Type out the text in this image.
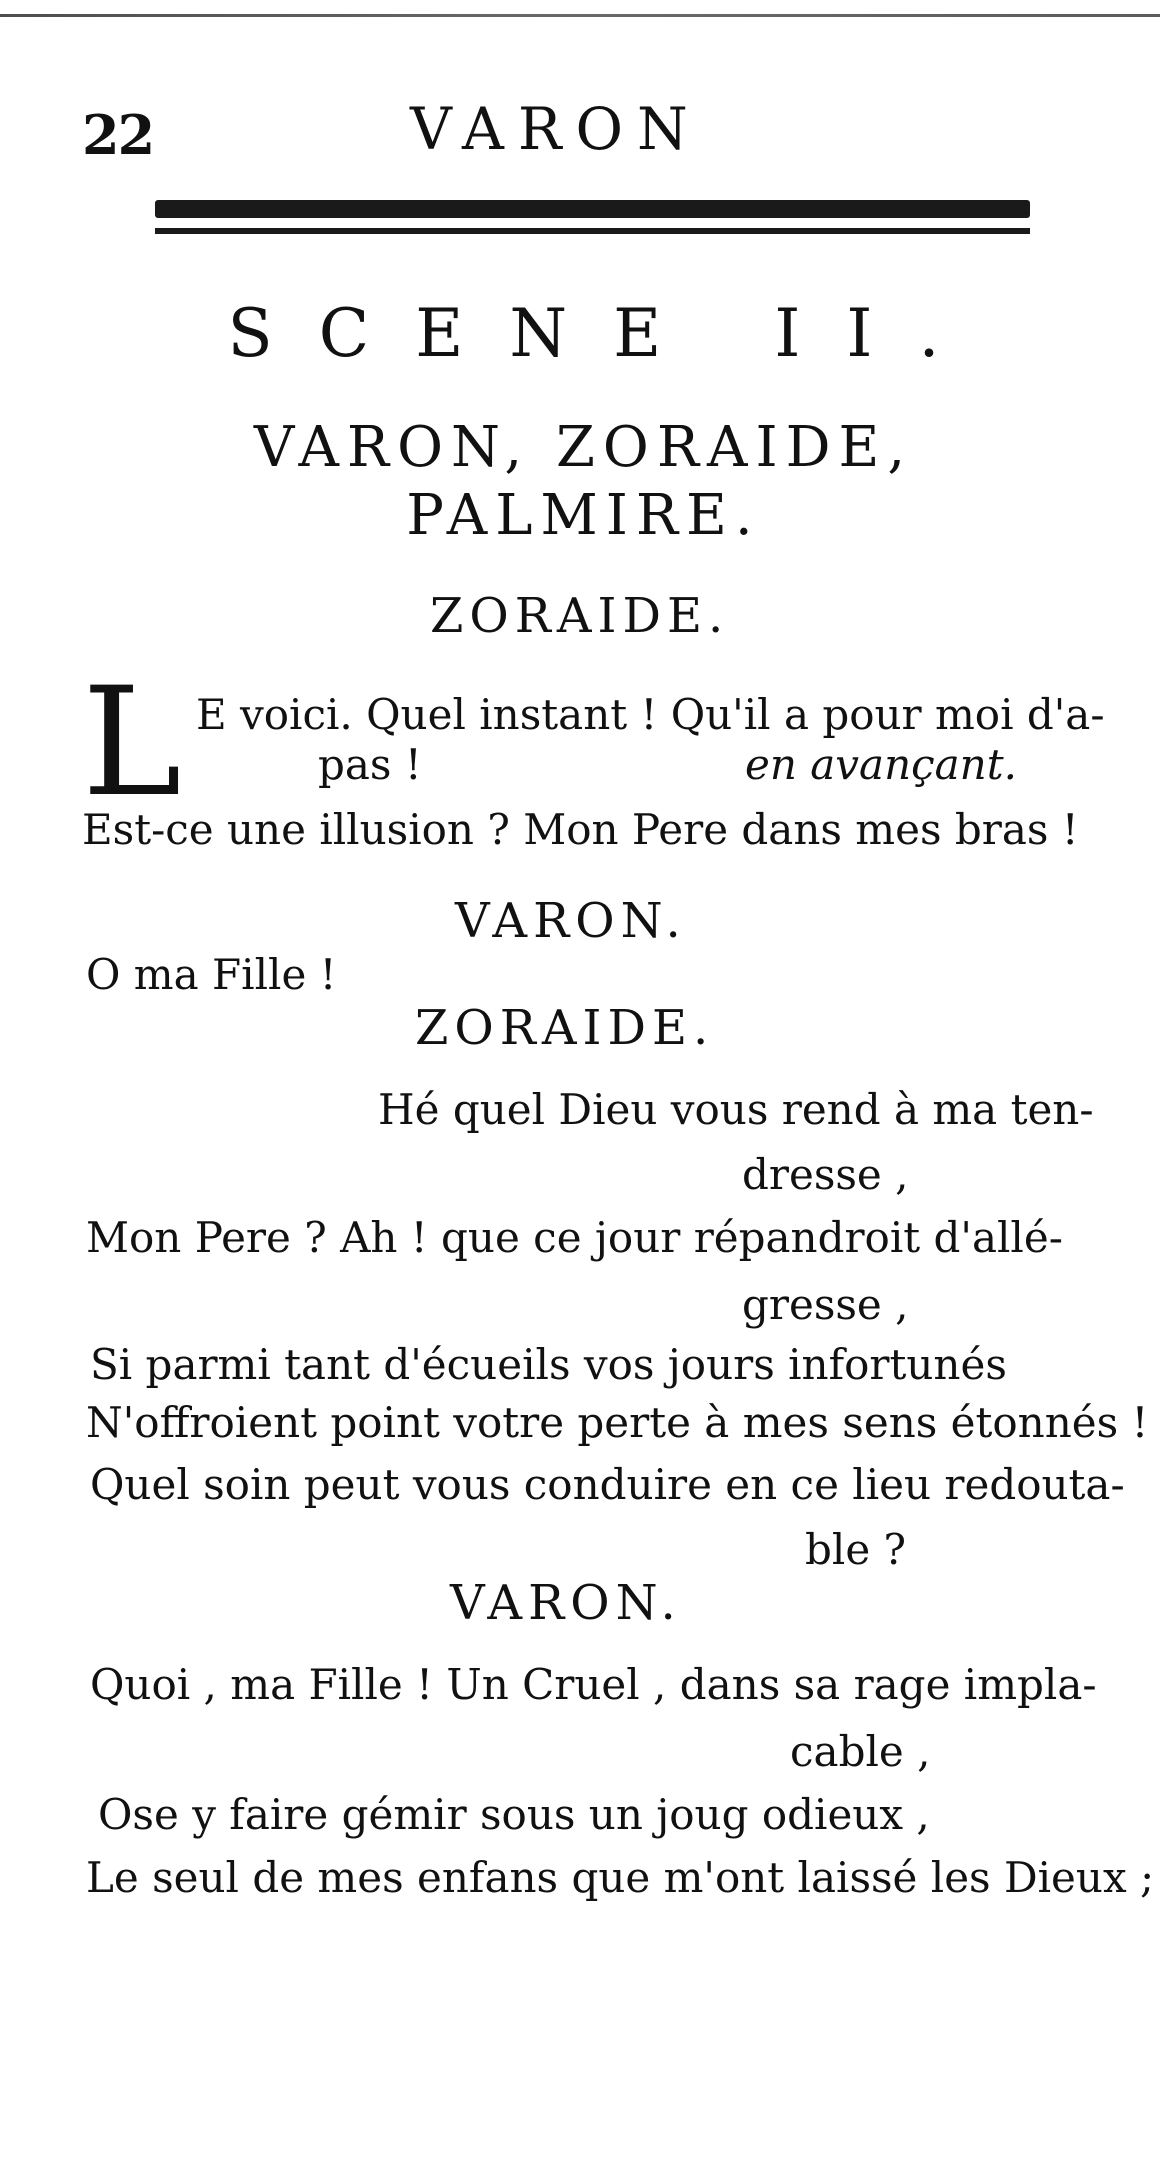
22	VARON
SCENE II.
VARON, ZORAIDE,
PALMIRE.
ZORAIDE.
L E voici. Quel instant ! Qu'il a pour moi d'a-
pas !	en avançant.
Est-ce une illusion ? Mon Pere dans mes bras !
VARON.
O ma Fille !
ZORAIDE.
Hé quel Dieu vous rend à ma ten-
dresse ,
Mon Pere ? Ah ! que ce jour répandroit d'allé-
gresse ,
Si parmi tant d'écueils vos jours infortunés
N'offroient point votre perte à mes sens étonnés !
Quel soin peut vous conduire en ce lieu redouta-
ble ?
VARON.
Quoi , ma Fille ! Un Cruel , dans sa rage impla-
cable ,
Ose y faire gémir sous un joug odieux ,
Le seul de mes enfans que m'ont laissé les Dieux ;
